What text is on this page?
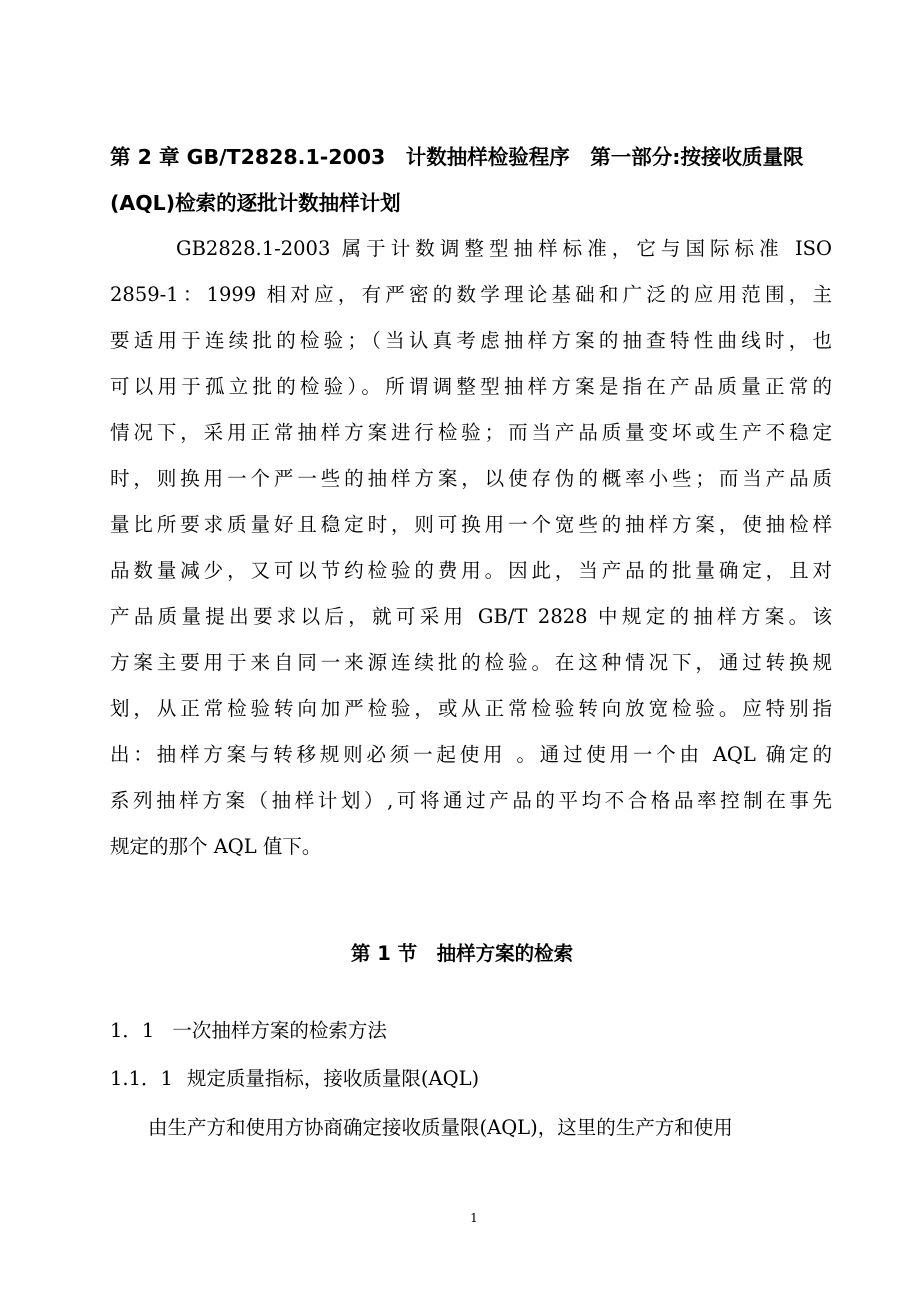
第 2 章 GB/T2828.1-2003　计数抽样检验程序　第一部分:按接收质量限
(AQL)检索的逐批计数抽样计划
GB2828.1-2003 属于计数调整型抽样标准，它与国际标准 ISO
2859-1：1999 相对应，有严密的数学理论基础和广泛的应用范围，主
要适用于连续批的检验；（当认真考虑抽样方案的抽查特性曲线时，也
可以用于孤立批的检验）。所谓调整型抽样方案是指在产品质量正常的
情况下，采用正常抽样方案进行检验；而当产品质量变坏或生产不稳定
时，则换用一个严一些的抽样方案，以使存伪的概率小些；而当产品质
量比所要求质量好且稳定时，则可换用一个宽些的抽样方案，使抽检样
品数量减少，又可以节约检验的费用。因此，当产品的批量确定，且对
产品质量提出要求以后，就可采用 GB/T 2828 中规定的抽样方案。该
方案主要用于来自同一来源连续批的检验。在这种情况下，通过转换规
划，从正常检验转向加严检验，或从正常检验转向放宽检验。应特别指
出：抽样方案与转移规则必须一起使用 。通过使用一个由 AQL 确定的
系列抽样方案（抽样计划）,可将通过产品的平均不合格品率控制在事先
规定的那个 AQL 值下。
第 1 节　抽样方案的检索
1．1 一次抽样方案的检索方法
1.1．1 规定质量指标，接收质量限(AQL)
由生产方和使用方协商确定接收质量限(AQL)，这里的生产方和使用
1
